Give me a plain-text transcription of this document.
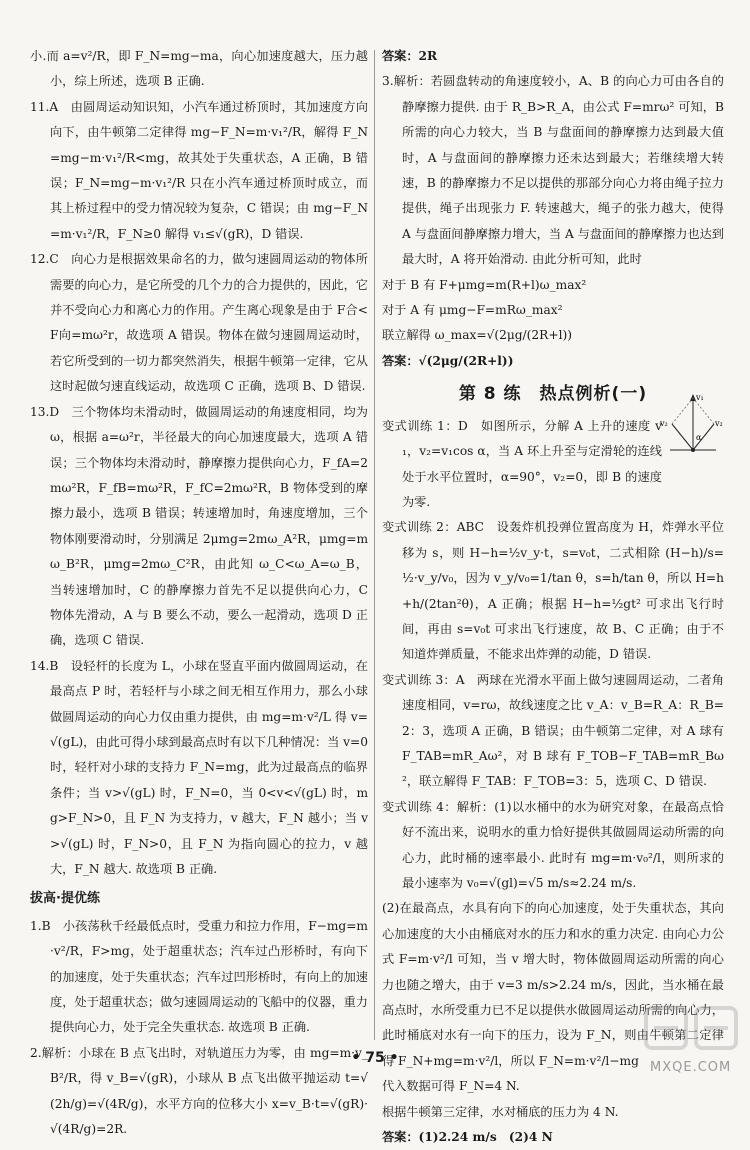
小.而 a=v²/R，即 F_N=mg−ma，向心加速度越大，压力越小，综上所述，选项 B 正确.

11.A　由圆周运动知识知，小汽车通过桥顶时，其加速度方向向下，由牛顿第二定律得 mg−F_N=m·v₁²/R，解得 F_N=mg−m·v₁²/R<mg，故其处于失重状态，A 正确，B 错误；F_N=mg−m·v₁²/R 只在小汽车通过桥顶时成立，而其上桥过程中的受力情况较为复杂，C 错误；由 mg−F_N=m·v₁²/R，F_N≥0 解得 v₁≤√(gR)，D 错误.

12.C　向心力是根据效果命名的力，做匀速圆周运动的物体所需要的向心力，是它所受的几个力的合力提供的，因此，它并不受向心力和离心力的作用。产生离心现象是由于 F合<F向=mω²r，故选项 A 错误。物体在做匀速圆周运动时，若它所受到的一切力都突然消失，根据牛顿第一定律，它从这时起做匀速直线运动，故选项 C 正确，选项 B、D 错误.

13.D　三个物体均未滑动时，做圆周运动的角速度相同，均为 ω，根据 a=ω²r，半径最大的向心加速度最大，选项 A 错误；三个物体均未滑动时，静摩擦力提供向心力，F_fA=2mω²R，F_fB=mω²R，F_fC=2mω²R，B 物体受到的摩擦力最小，选项 B 错误；转速增加时，角速度增加，三个物体刚要滑动时，分别满足 2μmg=2mω_A²R，μmg=mω_B²R，μmg=2mω_C²R，由此知 ω_C<ω_A=ω_B，当转速增加时，C 的静摩擦力首先不足以提供向心力，C 物体先滑动，A 与 B 要么不动，要么一起滑动，选项 D 正确，选项 C 错误.

14.B　设轻杆的长度为 L，小球在竖直平面内做圆周运动，在最高点 P 时，若轻杆与小球之间无相互作用力，那么小球做圆周运动的向心力仅由重力提供，由 mg=m·v²/L 得 v=√(gL)，由此可得小球到最高点时有以下几种情况：当 v=0 时，轻杆对小球的支持力 F_N=mg，此为过最高点的临界条件；当 v>√(gL) 时，F_N=0，当 0<v<√(gL) 时，mg>F_N>0，且 F_N 为支持力，v 越大，F_N 越小；当 v>√(gL) 时，F_N>0，且 F_N 为指向圆心的拉力，v 越大，F_N 越大. 故选项 B 正确.

拔高·提优练

1.B　小孩荡秋千经最低点时，受重力和拉力作用，F−mg=m·v²/R，F>mg，处于超重状态；汽车过凸形桥时，有向下的加速度，处于失重状态；汽车过凹形桥时，有向上的加速度，处于超重状态；做匀速圆周运动的飞船中的仪器，重力提供向心力，处于完全失重状态. 故选项 B 正确.

2.解析：小球在 B 点飞出时，对轨道压力为零，由 mg=m·v_B²/R，得 v_B=√(gR)，小球从 B 点飞出做平抛运动 t=√(2h/g)=√(4R/g)，水平方向的位移大小 x=v_B·t=√(gR)·√(4R/g)=2R.

答案：2R

3.解析：若圆盘转动的角速度较小，A、B 的向心力可由各自的静摩擦力提供. 由于 R_B>R_A，由公式 F=mrω² 可知，B 所需的向心力较大，当 B 与盘面间的静摩擦力达到最大值时，A 与盘面间的静摩擦力还未达到最大；若继续增大转速，B 的静摩擦力不足以提供的那部分向心力将由绳子拉力提供，绳子出现张力 F. 转速越大，绳子的张力越大，使得 A 与盘面间静摩擦力增大，当 A 与盘面间的静摩擦力也达到最大时，A 将开始滑动. 由此分析可知，此时

对于 B 有 F+μmg=m(R+l)ω_max²

对于 A 有 μmg−F=mRω_max²

联立解得 ω_max=√(2μg/(2R+l))

答案：√(2μg/(2R+l))

第 8 练　热点例析(一)

变式训练 1：D　如图所示，分解 A 上升的速度 v₁，v₂=v₁cos α，当 A 环上升至与定滑轮的连线处于水平位置时，α=90°，v₂=0，即 B 的速度为零.

变式训练 2：ABC　设轰炸机投弹位置高度为 H，炸弹水平位移为 s，则 H−h=½v_y·t，s=v₀t，二式相除 (H−h)/s=½·v_y/v₀，因为 v_y/v₀=1/tan θ，s=h/tan θ，所以 H=h+h/(2tan²θ)，A 正确；根据 H−h=½gt² 可求出飞行时间，再由 s=v₀t 可求出飞行速度，故 B、C 正确；由于不知道炸弹质量，不能求出炸弹的动能，D 错误.

变式训练 3：A　两球在光滑水平面上做匀速圆周运动，二者角速度相同，v=rω，故线速度之比 v_A：v_B=R_A：R_B=2：3，选项 A 正确，B 错误；由牛顿第二定律，对 A 球有 F_TAB=mR_Aω²，对 B 球有 F_TOB−F_TAB=mR_Bω²，联立解得 F_TAB：F_TOB=3：5，选项 C、D 错误.

变式训练 4：解析：(1)以水桶中的水为研究对象，在最高点恰好不流出来，说明水的重力恰好提供其做圆周运动所需的向心力，此时桶的速率最小. 此时有 mg=m·v₀²/l，则所求的最小速率为 v₀=√(gl)=√5 m/s≈2.24 m/s.

(2)在最高点，水具有向下的向心加速度，处于失重状态，其向心加速度的大小由桶底对水的压力和水的重力决定. 由向心力公式 F=m·v²/l 可知，当 v 增大时，物体做圆周运动所需的向心力也随之增大，由于 v=3 m/s>2.24 m/s，因此，当水桶在最高点时，水所受重力已不足以提供水做圆周运动所需的向心力，此时桶底对水有一向下的压力，设为 F_N，则由牛顿第二定律得 F_N+mg=m·v²/l，所以 F_N=m·v²/l−mg

代入数据可得 F_N=4 N.

根据牛顿第三定律，水对桶底的压力为 4 N.

答案：(1)2.24 m/s　(2)4 N

v₁
v₂	v₂
α
• 75 •
MXQE.COM
